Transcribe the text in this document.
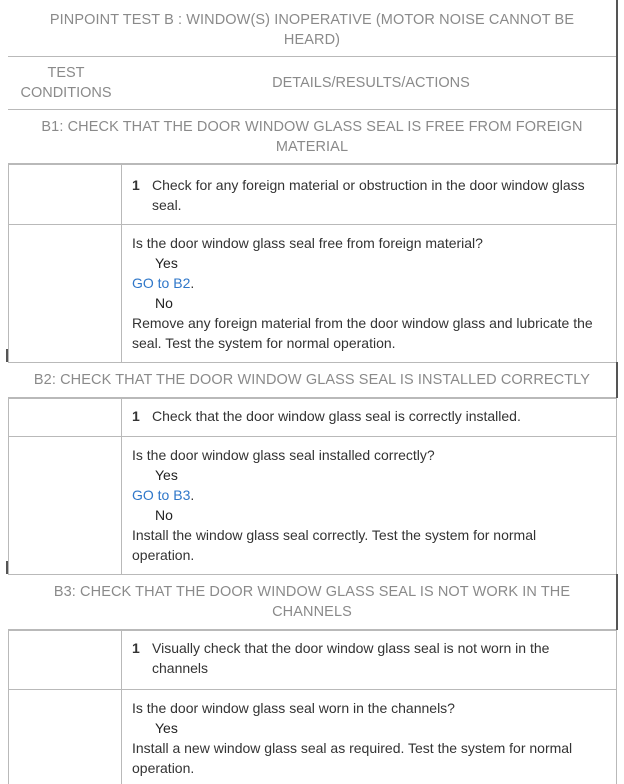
PINPOINT TEST B : WINDOW(S) INOPERATIVE (MOTOR NOISE CANNOT BE HEARD)
TEST CONDITIONS
DETAILS/RESULTS/ACTIONS
B1: CHECK THAT THE DOOR WINDOW GLASS SEAL IS FREE FROM FOREIGN MATERIAL
1 Check for any foreign material or obstruction in the door window glass seal.
Is the door window glass seal free from foreign material?
Yes
GO to B2.
No
Remove any foreign material from the door window glass and lubricate the seal. Test the system for normal operation.
B2: CHECK THAT THE DOOR WINDOW GLASS SEAL IS INSTALLED CORRECTLY
1 Check that the door window glass seal is correctly installed.
Is the door window glass seal installed correctly?
Yes
GO to B3.
No
Install the window glass seal correctly. Test the system for normal operation.
B3: CHECK THAT THE DOOR WINDOW GLASS SEAL IS NOT WORK IN THE CHANNELS
1 Visually check that the door window glass seal is not worn in the channels
Is the door window glass seal worn in the channels?
Yes
Install a new window glass seal as required. Test the system for normal operation.
